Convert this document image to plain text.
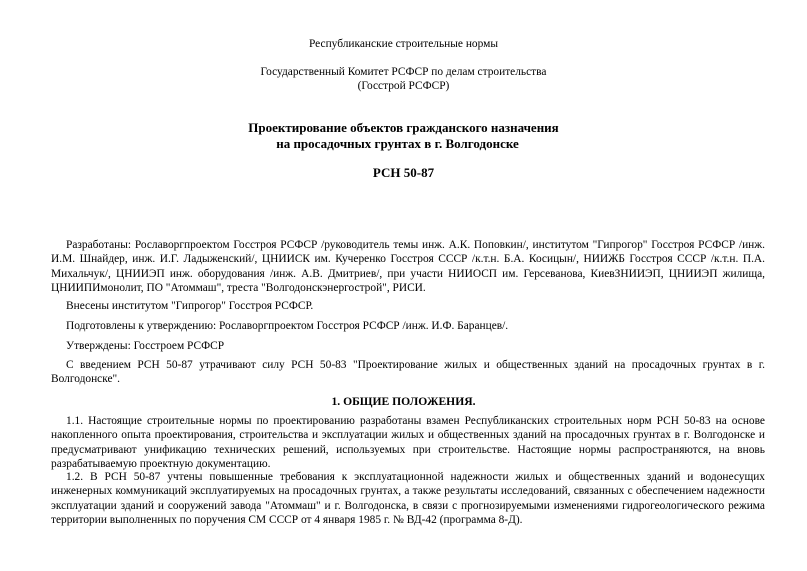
Республиканские строительные нормы

Государственный Комитет РСФСР по делам строительства

(Госстрой РСФСР)

Проектирование объектов гражданского назначения
на просадочных грунтах в г. Волгодонске
РСН 50-87

Разработаны: Рославоргпроектом Госстроя РСФСР /руководитель темы инж. А.К. Поповкин/, институтом "Гипрогор" Госстроя РСФСР /инж. И.М. Шнайдер, инж. И.Г. Ладыженский/, ЦНИИСК им. Кучеренко Госстроя СССР /к.т.н. Б.А. Косицын/, НИИЖБ Госстроя СССР /к.т.н. П.А. Михальчук/, ЦНИИЭП инж. оборудования /инж. А.В. Дмитриев/, при участи НИИОСП им. Герсеванова, КиевЗНИИЭП, ЦНИИЭП жилища, ЦНИИПИмонолит, ПО "Атоммаш", треста "Волгодонскэнергострой", РИСИ.

Внесены институтом "Гипрогор" Госстроя РСФСР.

Подготовлены к утверждению: Рославоргпроектом Госстроя РСФСР /инж. И.Ф. Баранцев/.

Утверждены: Госстроем РСФСР

С введением РСН 50-87 утрачивают силу РСН 50-83 "Проектирование жилых и общественных зданий на просадочных грунтах в г. Волгодонске".

1. ОБЩИЕ ПОЛОЖЕНИЯ.

1.1. Настоящие строительные нормы по проектированию разработаны взамен Республиканских строительных норм РСН 50-83 на основе накопленного опыта проектирования, строительства и эксплуатации жилых и общественных зданий на просадочных грунтах в г. Волгодонске и предусматривают унификацию технических решений, используемых при строительстве. Настоящие нормы распространяются, на вновь разрабатываемую проектную документацию.

1.2. В РСН 50-87 учтены повышенные требования к эксплуатационной надежности жилых и общественных зданий и водонесущих инженерных коммуникаций эксплуатируемых на просадочных грунтах, а также результаты исследований, связанных с обеспечением надежности эксплуатации зданий и сооружений завода "Атоммаш" и г. Волгодонска, в связи с прогнозируемыми изменениями гидрогеологического режима территории выполненных по поручения СМ СССР от 4 января 1985 г. № ВД-42 (программа 8-Д).
